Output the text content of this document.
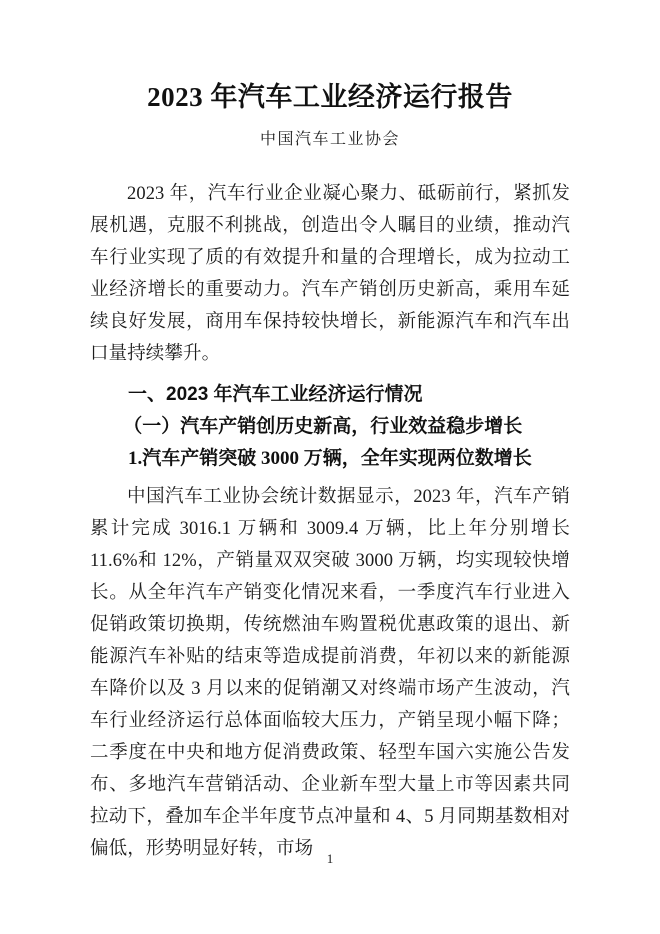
2023 年汽车工业经济运行报告
中国汽车工业协会

2023 年，汽车行业企业凝心聚力、砥砺前行，紧抓发展机遇，克服不利挑战，创造出令人瞩目的业绩，推动汽车行业实现了质的有效提升和量的合理增长，成为拉动工业经济增长的重要动力。汽车产销创历史新高，乘用车延续良好发展，商用车保持较快增长，新能源汽车和汽车出口量持续攀升。

一、2023 年汽车工业经济运行情况
（一）汽车产销创历史新高，行业效益稳步增长
1.汽车产销突破 3000 万辆，全年实现两位数增长

中国汽车工业协会统计数据显示，2023 年，汽车产销累计完成 3016.1 万辆和 3009.4 万辆，比上年分别增长 11.6%和 12%，产销量双双突破 3000 万辆，均实现较快增长。从全年汽车产销变化情况来看，一季度汽车行业进入促销政策切换期，传统燃油车购置税优惠政策的退出、新能源汽车补贴的结束等造成提前消费，年初以来的新能源车降价以及 3 月以来的促销潮又对终端市场产生波动，汽车行业经济运行总体面临较大压力，产销呈现小幅下降；二季度在中央和地方促消费政策、轻型车国六实施公告发布、多地汽车营销活动、企业新车型大量上市等因素共同拉动下，叠加车企半年度节点冲量和 4、5 月同期基数相对偏低，形势明显好转，市场	1
